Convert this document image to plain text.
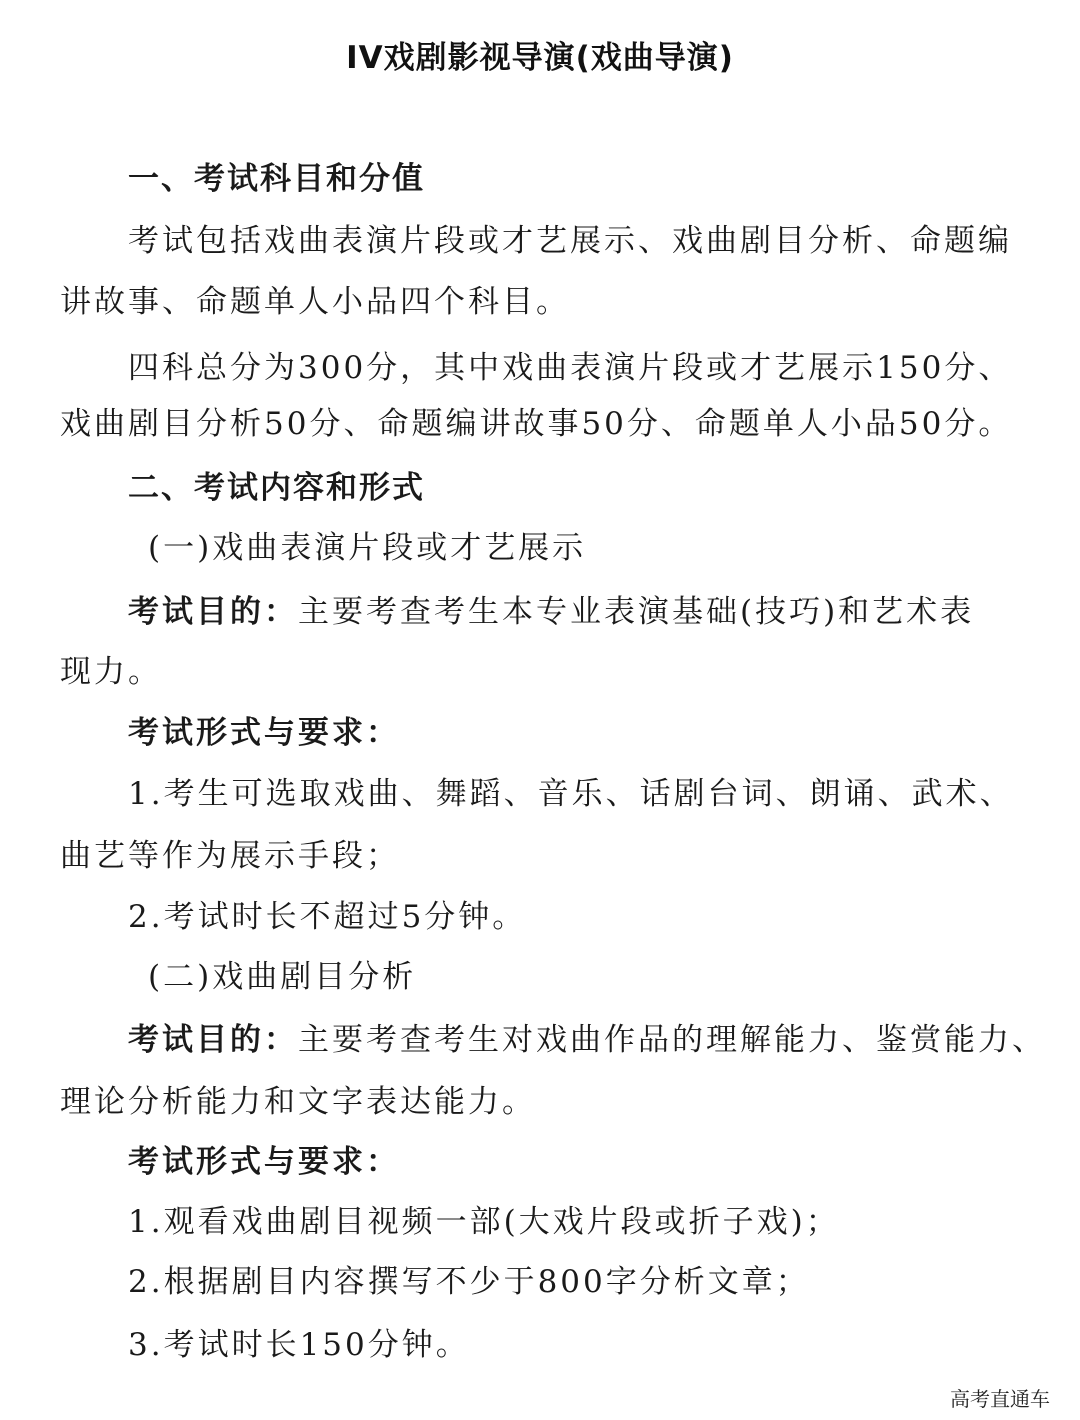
IV戏剧影视导演(戏曲导演)
一、考试科目和分值
考试包括戏曲表演片段或才艺展示、戏曲剧目分析、命题编
讲故事、命题单人小品四个科目。
四科总分为300分，其中戏曲表演片段或才艺展示150分、
戏曲剧目分析50分、命题编讲故事50分、命题单人小品50分。
二、考试内容和形式
(一)戏曲表演片段或才艺展示
考试目的：主要考查考生本专业表演基础(技巧)和艺术表
现力。
考试形式与要求：
1.考生可选取戏曲、舞蹈、音乐、话剧台词、朗诵、武术、
曲艺等作为展示手段；
2.考试时长不超过5分钟。
(二)戏曲剧目分析
考试目的：主要考查考生对戏曲作品的理解能力、鉴赏能力、
理论分析能力和文字表达能力。
考试形式与要求：
1.观看戏曲剧目视频一部(大戏片段或折子戏)；
2.根据剧目内容撰写不少于800字分析文章；
3.考试时长150分钟。
高考直通车
